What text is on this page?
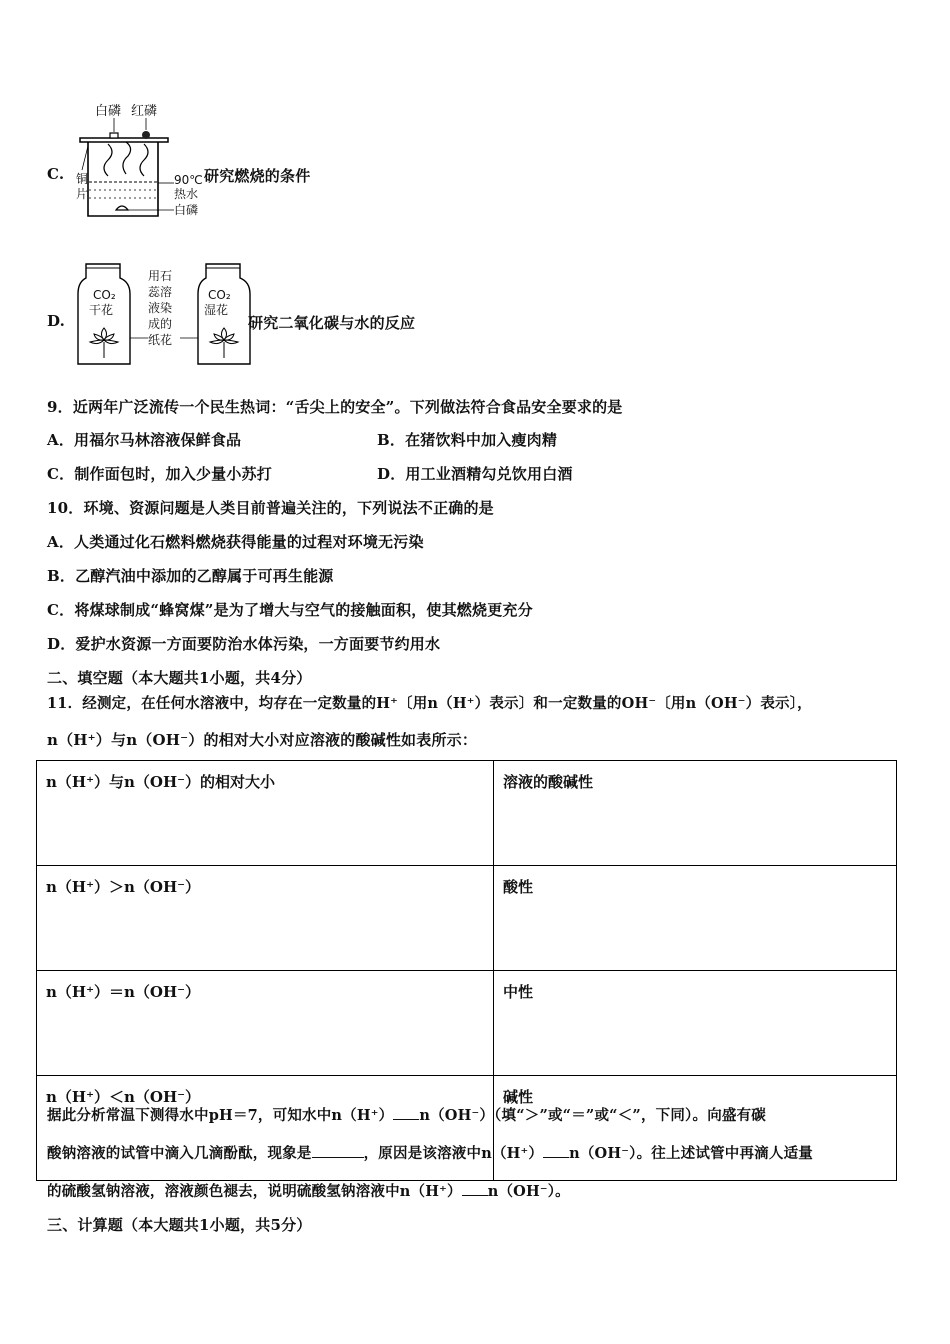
C.
白磷 红磷
铜片
90℃
热水
白磷
研究燃烧的条件
D.
CO₂
干花
CO₂
湿花
用石蕊溶液染成的纸花
研究二氧化碳与水的反应
9．近两年广泛流传一个民生热词：“舌尖上的安全”。下列做法符合食品安全要求的是
A．用福尔马林溶液保鲜食品	B．在猪饮料中加入瘦肉精
C．制作面包时，加入少量小苏打	D．用工业酒精勾兑饮用白酒
10．环境、资源问题是人类目前普遍关注的，下列说法不正确的是
A．人类通过化石燃料燃烧获得能量的过程对环境无污染
B．乙醇汽油中添加的乙醇属于可再生能源
C．将煤球制成“蜂窝煤”是为了增大与空气的接触面积，使其燃烧更充分
D．爱护水资源一方面要防治水体污染，一方面要节约用水
二、填空题（本大题共1小题，共4分）
11．经测定，在任何水溶液中，均存在一定数量的H⁺〔用n（H⁺）表示〕和一定数量的OH⁻〔用n（OH⁻）表示〕，
n（H⁺）与n（OH⁻）的相对大小对应溶液的酸碱性如表所示：
n（H⁺）与n（OH⁻）的相对大小	溶液的酸碱性
n（H⁺）＞n（OH⁻）	酸性
n（H⁺）＝n（OH⁻）	中性
n（H⁺）＜n（OH⁻）	碱性
据此分析常温下测得水中pH＝7，可知水中n（H⁺） n（OH⁻）（填“＞”或“＝”或“＜”，下同）。向盛有碳
酸钠溶液的试管中滴入几滴酚酞，现象是	，原因是该溶液中n（H⁺） n（OH⁻）。往上述试管中再滴人适量
的硫酸氢钠溶液，溶液颜色褪去，说明硫酸氢钠溶液中n（H⁺） n（OH⁻）。
三、计算题（本大题共1小题，共5分）
